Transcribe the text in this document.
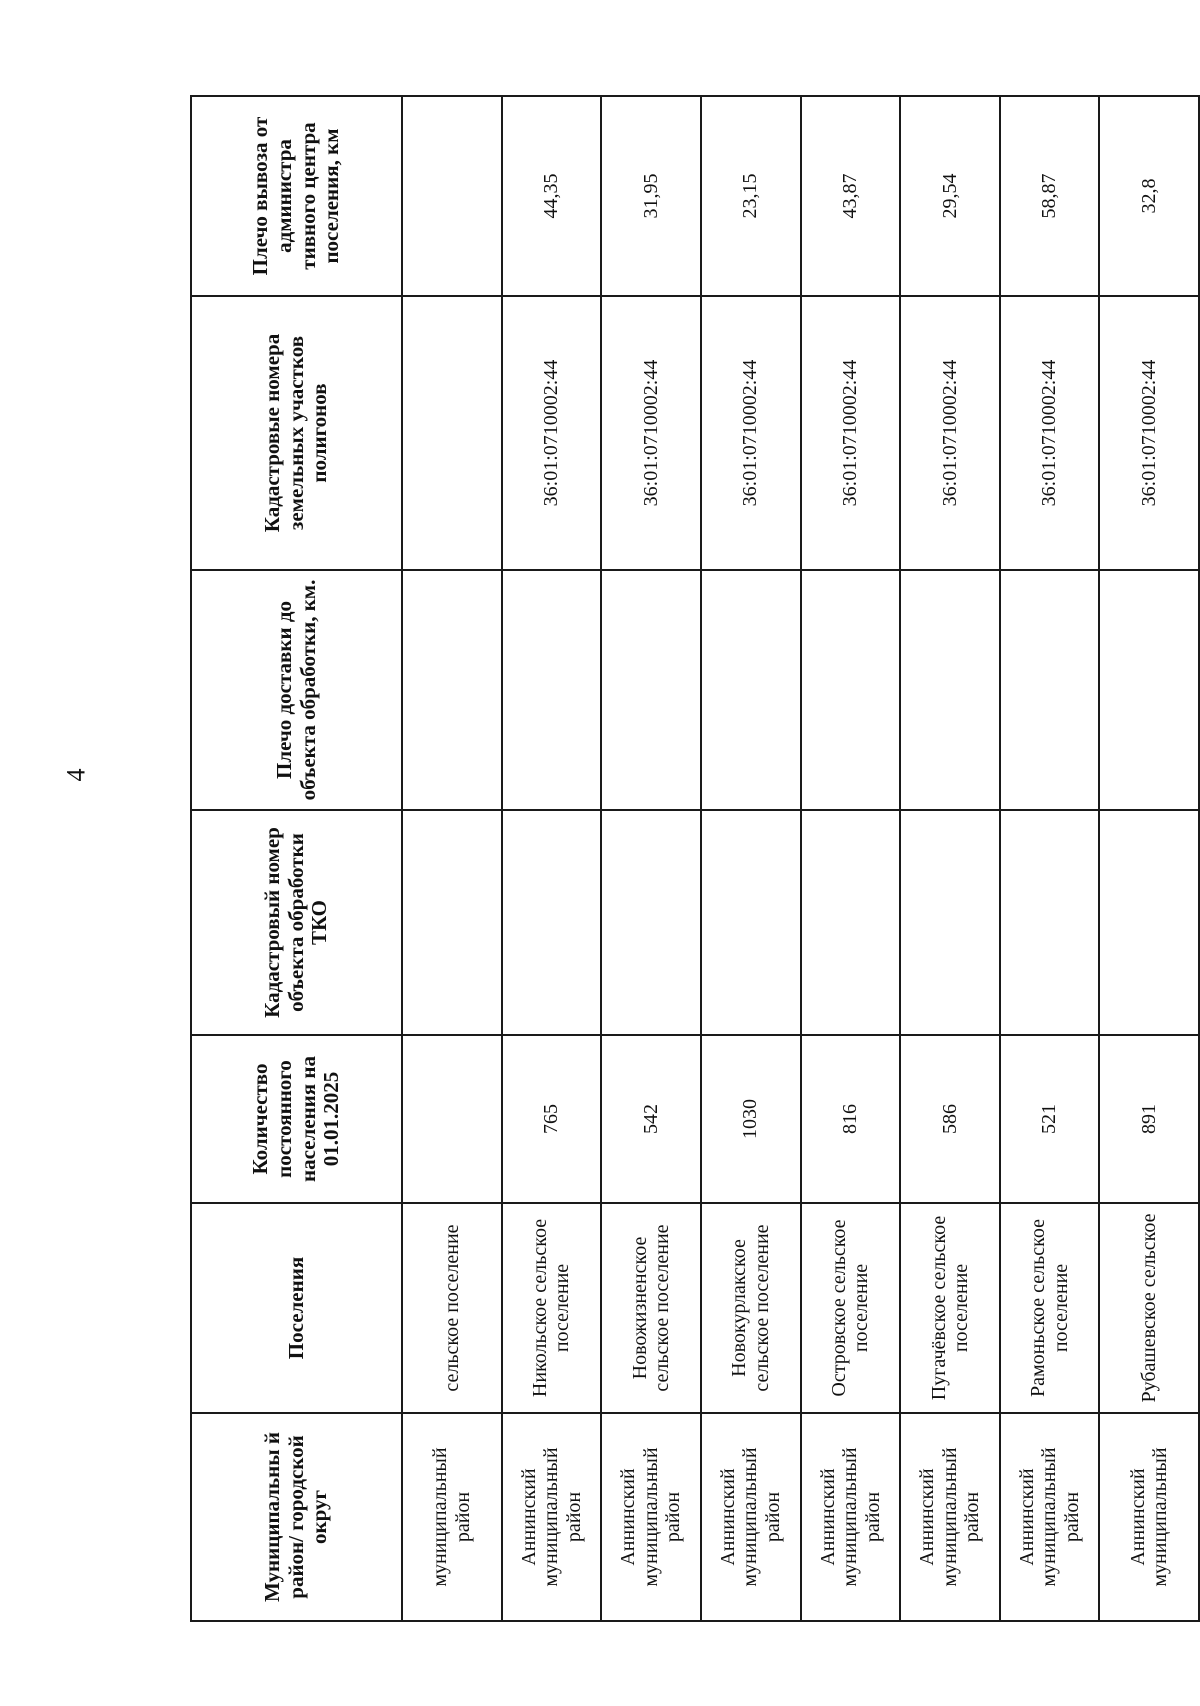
4
Муниципальны й район/ городской округ	Поселения	Количество постоянного населения на 01.01.2025	Кадастровый номер объекта обработки ТКО	Плечо доставки до объекта обработки, км.	Кадастровые номера земельных участков полигонов	Плечо вывоза от администра тивного центра поселения, км
муниципальный район	сельское поселение					
Аннинский муниципальный район	Никольское сельское поселение	765			36:01:0710002:44	44,35
Аннинский муниципальный район	Новожизненское сельское поселение	542			36:01:0710002:44	31,95
Аннинский муниципальный район	Новокурлакское сельское поселение	1030			36:01:0710002:44	23,15
Аннинский муниципальный район	Островское сельское поселение	816			36:01:0710002:44	43,87
Аннинский муниципальный район	Пугачёвское сельское поселение	586			36:01:0710002:44	29,54
Аннинский муниципальный район	Рамоньское сельское поселение	521			36:01:0710002:44	58,87
Аннинский муниципальный	Рубашевское сельское	891			36:01:0710002:44	32,8
